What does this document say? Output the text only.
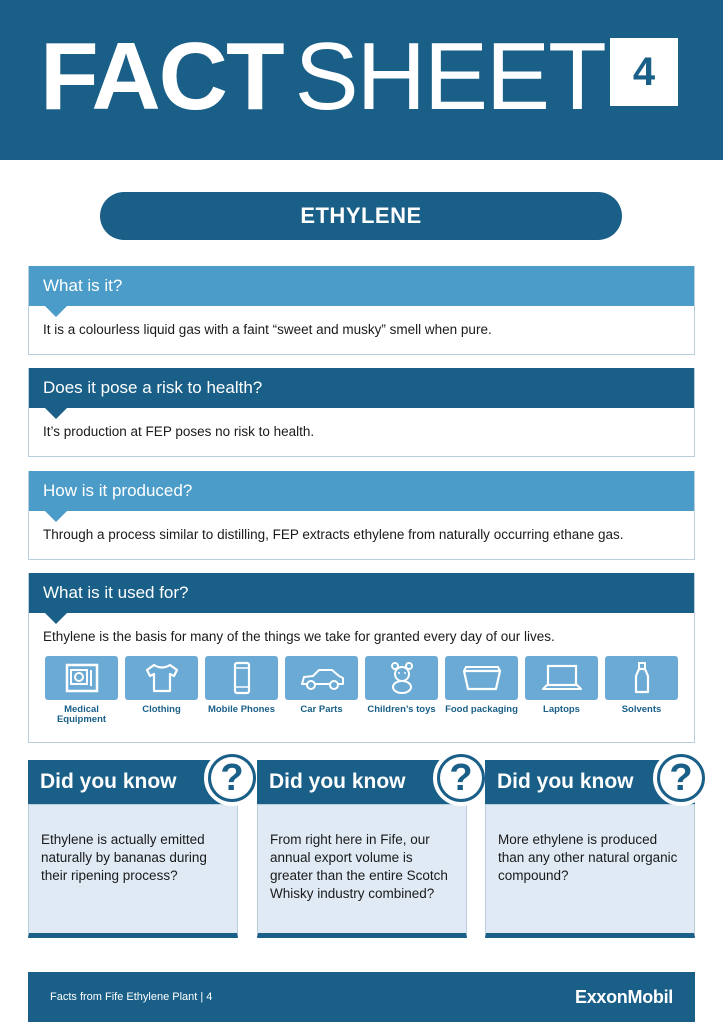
FACT SHEET 4
ETHYLENE
What is it?
It is a colourless liquid gas with a faint “sweet and musky” smell when pure.
Does it pose a risk to health?
It’s production at FEP poses no risk to health.
How is it produced?
Through a process similar to distilling, FEP extracts ethylene from naturally occurring ethane gas.
What is it used for?
Ethylene is the basis for many of the things we take for granted every day of our lives.
Medical Equipment
Clothing	Mobile Phones	Car Parts	Children’s toys Food packaging	Laptops	Solvents
Did you know
Ethylene is actually emitted naturally by bananas during their ripening process?
?	Did you know
From right here in Fife, our annual export volume is greater than the entire Scotch Whisky industry combined?
?	Did you know
More ethylene is produced than any other natural organic compound?
?
Facts from Fife Ethylene Plant | 4	ExxonMobil
